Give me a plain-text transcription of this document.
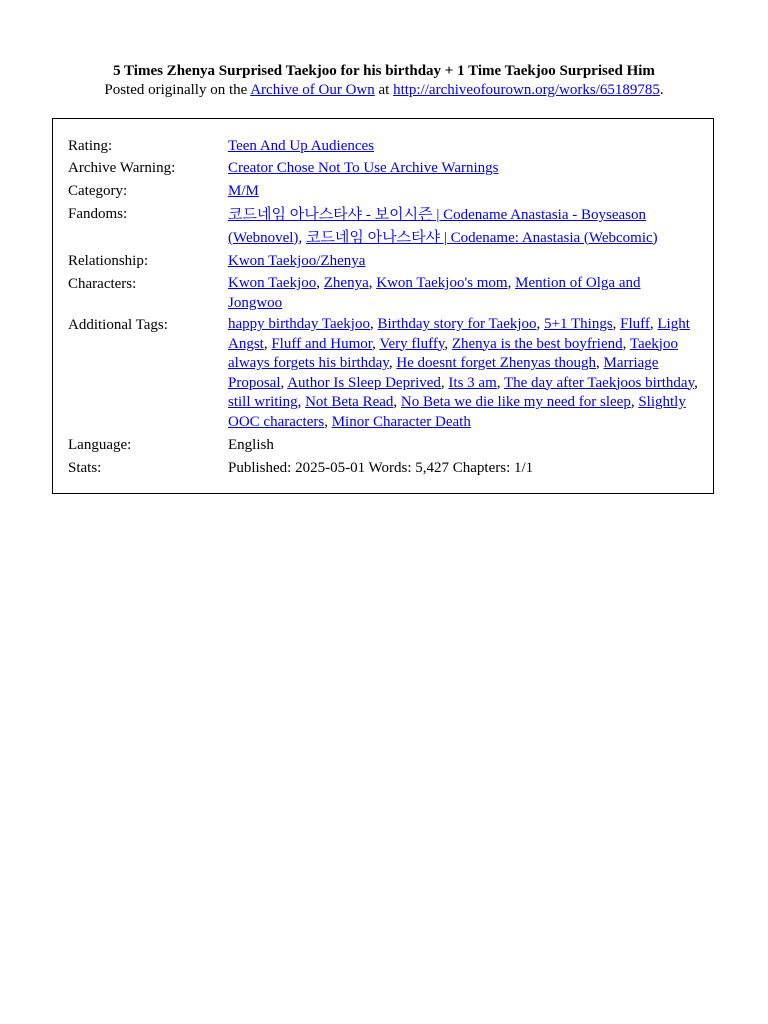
5 Times Zhenya Surprised Taekjoo for his birthday + 1 Time Taekjoo Surprised Him
Posted originally on the Archive of Our Own at http://archiveofourown.org/works/65189785.
Rating:	Teen And Up Audiences
Archive Warning:	Creator Chose Not To Use Archive Warnings
Category:	M/M
Fandoms:	코드네임 아나스타샤 - 보이시즌 | Codename Anastasia - Boyseason (Webnovel), 코드네임 아나스타샤 | Codename: Anastasia (Webcomic)
Relationship:	Kwon Taekjoo/Zhenya
Characters:	Kwon Taekjoo, Zhenya, Kwon Taekjoo's mom, Mention of Olga and Jongwoo
Additional Tags:	happy birthday Taekjoo, Birthday story for Taekjoo, 5+1 Things, Fluff, Light Angst, Fluff and Humor, Very fluffy, Zhenya is the best boyfriend, Taekjoo always forgets his birthday, He doesnt forget Zhenyas though, Marriage Proposal, Author Is Sleep Deprived, Its 3 am, The day after Taekjoos birthday, still writing, Not Beta Read, No Beta we die like my need for sleep, Slightly OOC characters, Minor Character Death
Language:	English
Stats:	Published: 2025-05-01 Words: 5,427 Chapters: 1/1
